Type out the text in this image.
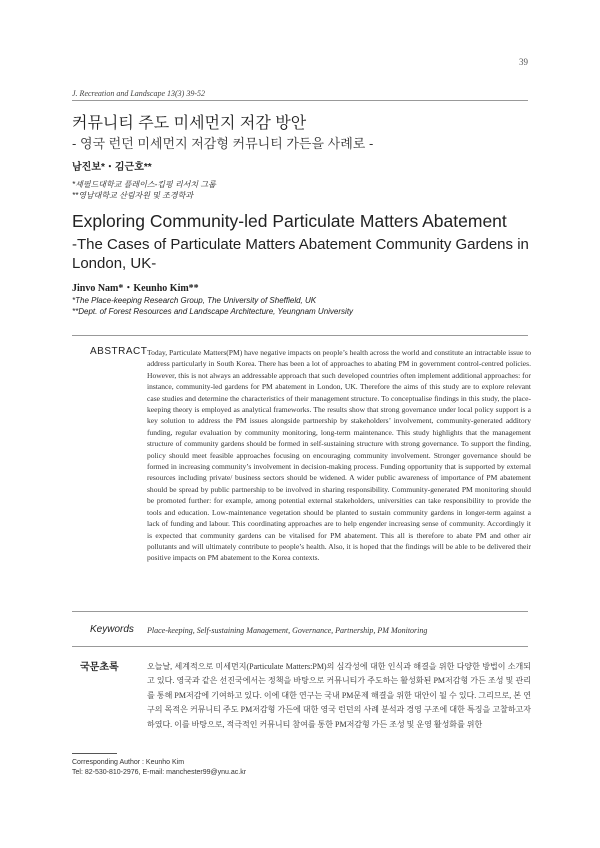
39
J. Recreation and Landscape 13(3) 39-52
커뮤니티 주도 미세먼지 저감 방안
- 영국 런던 미세먼지 저감형 커뮤니티 가든을 사례로 -
남진보*・김근호**
*셰필드대학교 플레이스-킵핑 리서치 그룹
**영남대학교 산림자원 및 조경학과
Exploring Community-led Particulate Matters Abatement
-The Cases of Particulate Matters Abatement Community Gardens in London, UK-
Jinvo Nam*・Keunho Kim**
*The Place-keeping Research Group, The University of Sheffield, UK
**Dept. of Forest Resources and Landscape Architecture, Yeungnam University
ABSTRACT Today, Particulate Matters(PM) have negative impacts on people’s health across the world and constitute an intractable issue to address particularly in South Korea. There has been a lot of approaches to abating PM in government control-centred policies. However, this is not always an addressable approach that such developed countries often implement additional approaches: for instance, community-led gardens for PM abatement in London, UK. Therefore the aims of this study are to explore relevant case studies and determine the characteristics of their management structure. To conceptualise findings in this study, the place-keeping theory is employed as analytical frameworks. The results show that strong governance under local policy support is a key solution to address the PM issues alongside partnership by stakeholders’ involvement, community-generated additory funding, regular evaluation by community monitoring, long-term maintenance. This study highlights that the management structure of community gardens should be formed in self-sustaining structure with strong governance. To support the finding, policy should meet feasible approaches focusing on encouraging community involvement. Stronger governance should be formed in increasing community’s involvement in decision-making process. Funding opportunity that is supported by external resources including private/ business sectors should be widened. A wider public awareness of importance of PM abatement should be spread by public partnership to be involved in sharing responsibility. Community-generated PM monitoring should be promoted further: for example, among potential external stakeholders, universities can take responsibility to provide the tools and education. Low-maintenance vegetation should be planted to sustain community gardens in longer-term against a lack of funding and labour. This coordinating approaches are to help engender increasing sense of community. Accordingly it is expected that community gardens can be vitalised for PM abatement. This all is therefore to abate PM and other air pollutants and will ultimately contribute to people’s health. Also, it is hoped that the findings will be able to be delivered their positive impacts on PM abatement to the Korea contexts.
Keywords Place-keeping, Self-sustaining Management, Governance, Partnership, PM Monitoring
국문초록	오늘날, 세계적으로 미세먼지(Particulate Matters:PM)의 심각성에 대한 인식과 해결을 위한 다양한 방법이 소개되고 있다. 영국과 같은 선진국에서는 정책을 바탕으로 커뮤니티가 주도하는 활성화된 PM저감형 가든 조성 및 관리를 통해 PM저감에 기여하고 있다. 이에 대한 연구는 국내 PM문제 해결을 위한 대안이 될 수 있다. 그리므로, 본 연구의 목적은 커뮤니티 주도 PM저감형 가든에 대한 영국 런던의 사례 분석과 경영 구조에 대한 특징을 고찰하고자 하였다. 이를 바탕으로, 적극적인 커뮤니티 참여를 통한 PM저감형 가든 조성 및 운영 활성화를 위한
Corresponding Author : Keunho Kim
Tel: 82-530-810-2976, E-mail: manchester99@ynu.ac.kr
